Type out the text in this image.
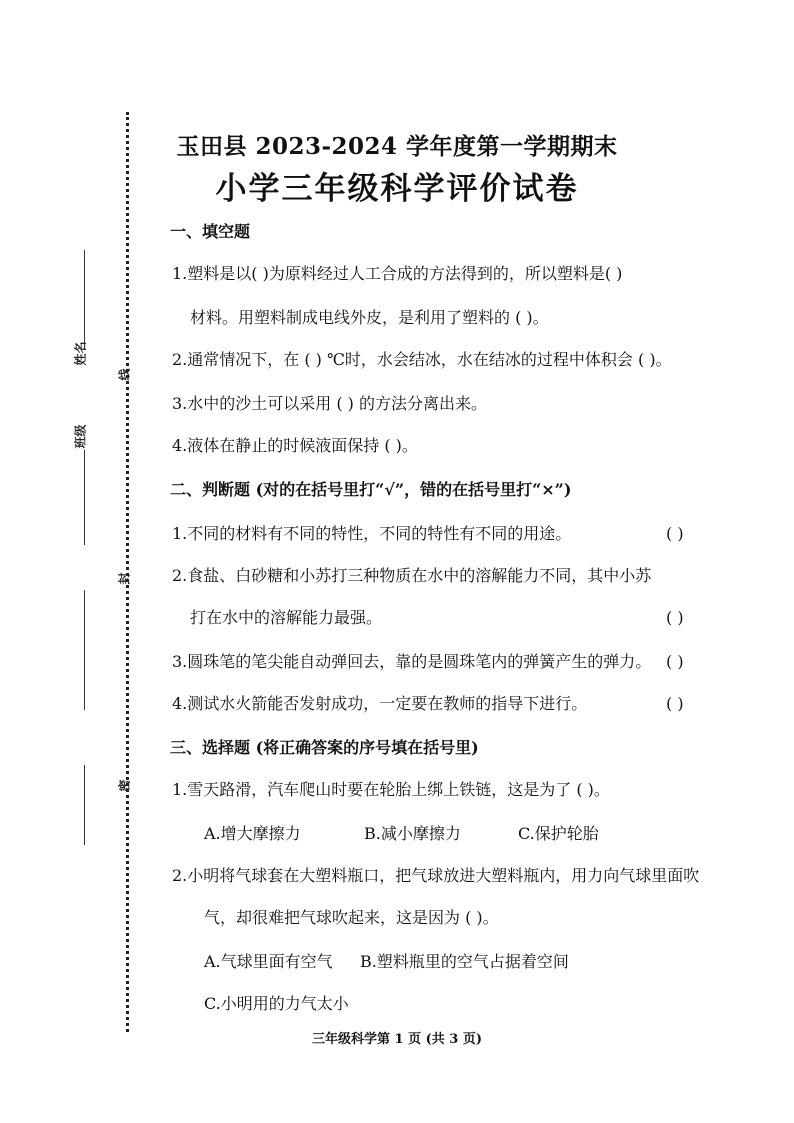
姓名
班级
线
封
密
玉田县 2023-2024 学年度第一学期期末
小学三年级科学评价试卷
一、填空题
1.塑料是以( )为原料经过人工合成的方法得到的，所以塑料是( )
材料。用塑料制成电线外皮，是利用了塑料的 ( )。
2.通常情况下，在 ( ) ℃时，水会结冰，水在结冰的过程中体积会 ( )。
3.水中的沙土可以采用 ( ) 的方法分离出来。
4.液体在静止的时候液面保持 ( )。
二、判断题 (对的在括号里打“√”，错的在括号里打“×”)
1.不同的材料有不同的特性，不同的特性有不同的用途。	( )
2.食盐、白砂糖和小苏打三种物质在水中的溶解能力不同，其中小苏
打在水中的溶解能力最强。	( )
3.圆珠笔的笔尖能自动弹回去，靠的是圆珠笔内的弹簧产生的弹力。 ( )
4.测试水火箭能否发射成功，一定要在教师的指导下进行。	( )
三、选择题 (将正确答案的序号填在括号里)
1.雪天路滑，汽车爬山时要在轮胎上绑上铁链，这是为了 ( )。
A.增大摩擦力	B.减小摩擦力	C.保护轮胎
2.小明将气球套在大塑料瓶口，把气球放进大塑料瓶内，用力向气球里面吹
气，却很难把气球吹起来，这是因为 ( )。
A.气球里面有空气 B.塑料瓶里的空气占据着空间
C.小明用的力气太小
三年级科学第 1 页 (共 3 页)
